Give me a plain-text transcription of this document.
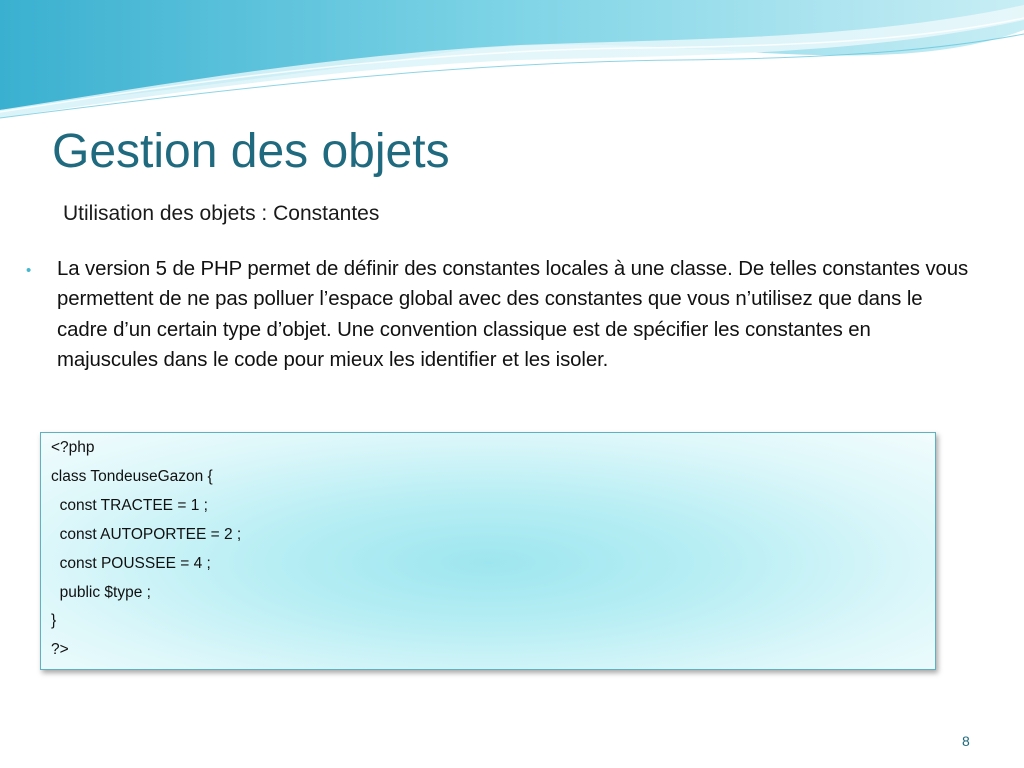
Gestion des objets
Utilisation des objets : Constantes
• La version 5 de PHP permet de définir des constantes locales à une classe. De telles constantes vous permettent de ne pas polluer l’espace global avec des constantes que vous n’utilisez que dans le cadre d’un certain type d’objet. Une convention classique est de spécifier les constantes en majuscules dans le code pour mieux les identifier et les isoler.

<?php
class TondeuseGazon {
const TRACTEE = 1 ;
const AUTOPORTEE = 2 ;
const POUSSEE = 4 ;
public $type ;
}
?>
8
